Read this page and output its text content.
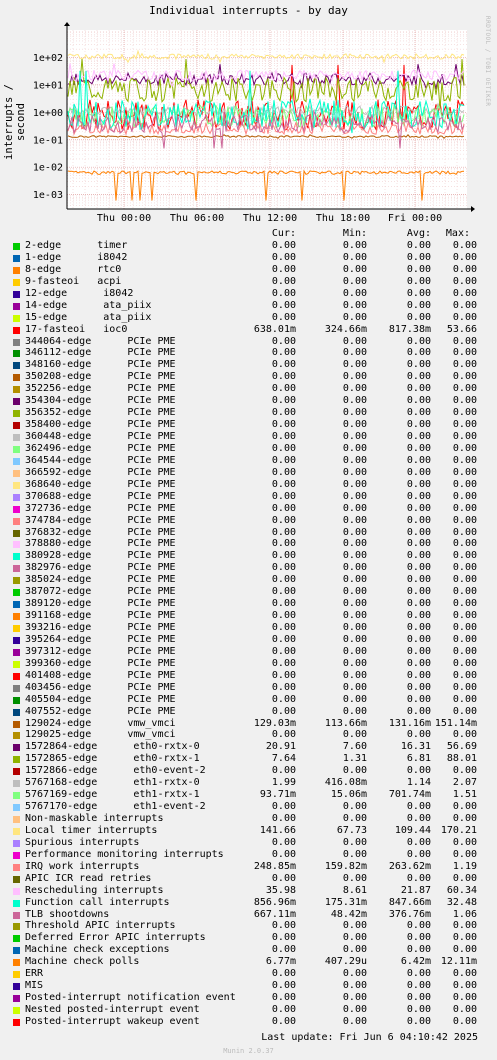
Individual interrupts - by day
interrupts / second
RRDTOOL / TOBI OETIKER
1e+02
1e+01
1e+00
1e-01
1e-02
1e-03
Thu 00:00 Thu 06:00 Thu 12:00 Thu 18:00 Fri 00:00
Cur:	Min:	Avg:	Max:
2-edge      timer	0.00	0.00	0.00	0.00
1-edge      i8042	0.00	0.00	0.00	0.00
8-edge      rtc0	0.00	0.00	0.00	0.00
9-fasteoi   acpi	0.00	0.00	0.00	0.00
12-edge      i8042	0.00	0.00	0.00	0.00
14-edge      ata_piix	0.00	0.00	0.00	0.00
15-edge      ata_piix	0.00	0.00	0.00	0.00
17-fasteoi   ioc0	638.01m	324.66m	817.38m	53.66
344064-edge      PCIe PME	0.00	0.00	0.00	0.00
346112-edge      PCIe PME	0.00	0.00	0.00	0.00
348160-edge      PCIe PME	0.00	0.00	0.00	0.00
350208-edge      PCIe PME	0.00	0.00	0.00	0.00
352256-edge      PCIe PME	0.00	0.00	0.00	0.00
354304-edge      PCIe PME	0.00	0.00	0.00	0.00
356352-edge      PCIe PME	0.00	0.00	0.00	0.00
358400-edge      PCIe PME	0.00	0.00	0.00	0.00
360448-edge      PCIe PME	0.00	0.00	0.00	0.00
362496-edge      PCIe PME	0.00	0.00	0.00	0.00
364544-edge      PCIe PME	0.00	0.00	0.00	0.00
366592-edge      PCIe PME	0.00	0.00	0.00	0.00
368640-edge      PCIe PME	0.00	0.00	0.00	0.00
370688-edge      PCIe PME	0.00	0.00	0.00	0.00
372736-edge      PCIe PME	0.00	0.00	0.00	0.00
374784-edge      PCIe PME	0.00	0.00	0.00	0.00
376832-edge      PCIe PME	0.00	0.00	0.00	0.00
378880-edge      PCIe PME	0.00	0.00	0.00	0.00
380928-edge      PCIe PME	0.00	0.00	0.00	0.00
382976-edge      PCIe PME	0.00	0.00	0.00	0.00
385024-edge      PCIe PME	0.00	0.00	0.00	0.00
387072-edge      PCIe PME	0.00	0.00	0.00	0.00
389120-edge      PCIe PME	0.00	0.00	0.00	0.00
391168-edge      PCIe PME	0.00	0.00	0.00	0.00
393216-edge      PCIe PME	0.00	0.00	0.00	0.00
395264-edge      PCIe PME	0.00	0.00	0.00	0.00
397312-edge      PCIe PME	0.00	0.00	0.00	0.00
399360-edge      PCIe PME	0.00	0.00	0.00	0.00
401408-edge      PCIe PME	0.00	0.00	0.00	0.00
403456-edge      PCIe PME	0.00	0.00	0.00	0.00
405504-edge      PCIe PME	0.00	0.00	0.00	0.00
407552-edge      PCIe PME	0.00	0.00	0.00	0.00
129024-edge      vmw_vmci	129.03m	113.66m	131.16m 151.14m
129025-edge      vmw_vmci	0.00	0.00	0.00	0.00
1572864-edge      eth0-rxtx-0	20.91	7.60	16.31	56.69
1572865-edge      eth0-rxtx-1	7.64	1.31	6.81	88.01
1572866-edge      eth0-event-2	0.00	0.00	0.00	0.00
5767168-edge      eth1-rxtx-0	1.99	416.08m	1.14	2.07
5767169-edge      eth1-rxtx-1	93.71m	15.06m	701.74m	1.51
5767170-edge      eth1-event-2	0.00	0.00	0.00	0.00
Non-maskable interrupts	0.00	0.00	0.00	0.00
Local timer interrupts	141.66	67.73	109.44 170.21
Spurious interrupts	0.00	0.00	0.00	0.00
Performance monitoring interrupts	0.00	0.00	0.00	0.00
IRQ work interrupts	248.85m	159.82m	263.62m	1.19
APIC ICR read retries	0.00	0.00	0.00	0.00
Rescheduling interrupts	35.98	8.61	21.87	60.34
Function call interrupts	856.96m	175.31m	847.66m	32.48
TLB shootdowns	667.11m	48.42m	376.76m	1.06
Threshold APIC interrupts	0.00	0.00	0.00	0.00
Deferred Error APIC interrupts	0.00	0.00	0.00	0.00
Machine check exceptions	0.00	0.00	0.00	0.00
Machine check polls	6.77m	407.29u	6.42m 12.11m
ERR	0.00	0.00	0.00	0.00
MIS	0.00	0.00	0.00	0.00
Posted-interrupt notification event	0.00	0.00	0.00	0.00
Nested posted-interrupt event	0.00	0.00	0.00	0.00
Posted-interrupt wakeup event	0.00	0.00	0.00	0.00
Last update: Fri Jun 6 04:10:42 2025
Munin 2.0.37
